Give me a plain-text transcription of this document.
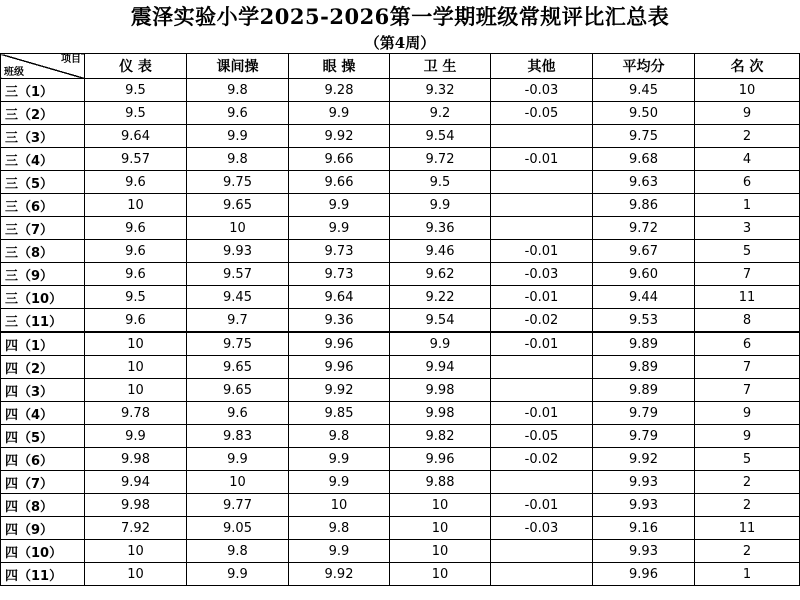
震泽实验小学2025-2026第一学期班级常规评比汇总表
（第4周）
项目
班级	仪 表	课间操	眼 操	卫 生	其他	平均分	名 次
三（1）	9.5	9.8	9.28	9.32	-0.03	9.45	10
三（2）	9.5	9.6	9.9	9.2	-0.05	9.50	9
三（3）	9.64	9.9	9.92	9.54		9.75	2
三（4）	9.57	9.8	9.66	9.72	-0.01	9.68	4
三（5）	9.6	9.75	9.66	9.5		9.63	6
三（6）	10	9.65	9.9	9.9		9.86	1
三（7）	9.6	10	9.9	9.36		9.72	3
三（8）	9.6	9.93	9.73	9.46	-0.01	9.67	5
三（9）	9.6	9.57	9.73	9.62	-0.03	9.60	7
三（10）	9.5	9.45	9.64	9.22	-0.01	9.44	11
三（11）	9.6	9.7	9.36	9.54	-0.02	9.53	8
四（1）	10	9.75	9.96	9.9	-0.01	9.89	6
四（2）	10	9.65	9.96	9.94		9.89	7
四（3）	10	9.65	9.92	9.98		9.89	7
四（4）	9.78	9.6	9.85	9.98	-0.01	9.79	9
四（5）	9.9	9.83	9.8	9.82	-0.05	9.79	9
四（6）	9.98	9.9	9.9	9.96	-0.02	9.92	5
四（7）	9.94	10	9.9	9.88		9.93	2
四（8）	9.98	9.77	10	10	-0.01	9.93	2
四（9）	7.92	9.05	9.8	10	-0.03	9.16	11
四（10）	10	9.8	9.9	10		9.93	2
四（11）	10	9.9	9.92	10		9.96	1
